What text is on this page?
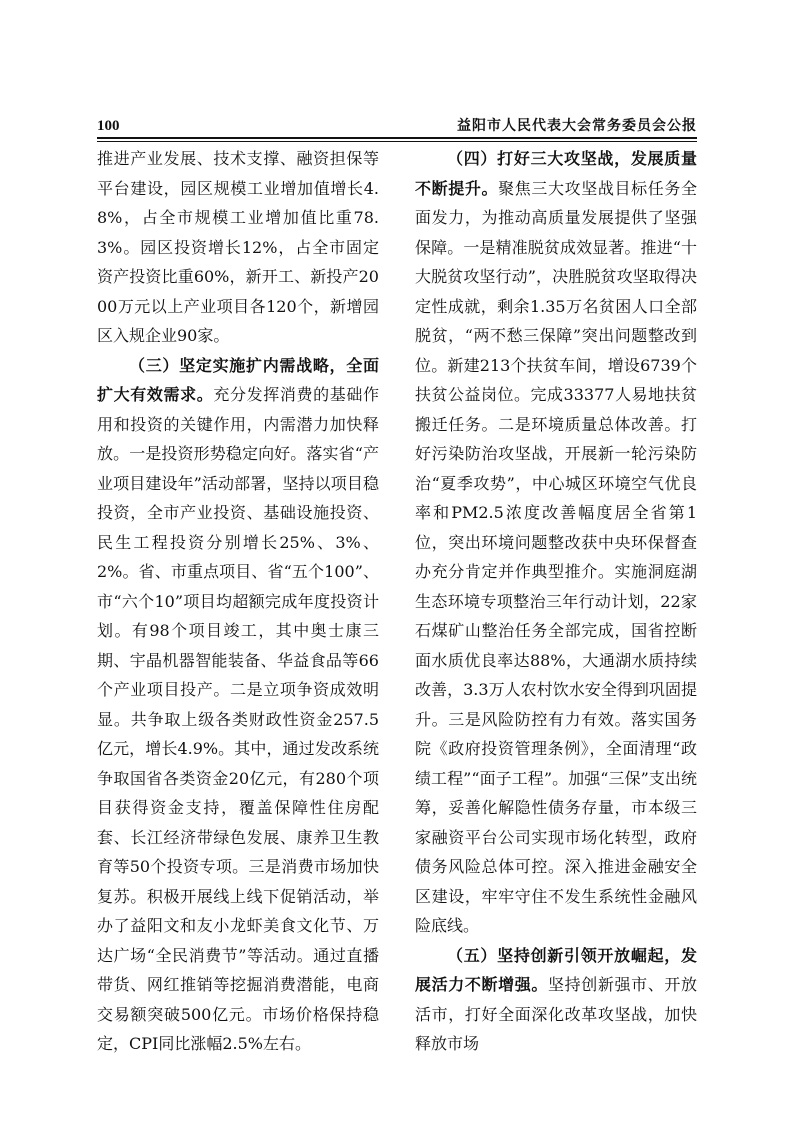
100	益阳市人民代表大会常务委员会公报

推进产业发展、技术支撑、融资担保等平台建设，园区规模工业增加值增长4.8%，占全市规模工业增加值比重78.3%。园区投资增长12%，占全市固定资产投资比重60%，新开工、新投产2000万元以上产业项目各120个，新增园区入规企业90家。

（三）坚定实施扩内需战略，全面扩大有效需求。充分发挥消费的基础作用和投资的关键作用，内需潜力加快释放。一是投资形势稳定向好。落实省“产业项目建设年”活动部署，坚持以项目稳投资，全市产业投资、基础设施投资、民生工程投资分别增长25%、3%、2%。省、市重点项目、省“五个100”、市“六个10”项目均超额完成年度投资计划。有98个项目竣工，其中奥士康三期、宇晶机器智能装备、华益食品等66个产业项目投产。二是立项争资成效明显。共争取上级各类财政性资金257.5亿元，增长4.9%。其中，通过发改系统争取国省各类资金20亿元，有280个项目获得资金支持，覆盖保障性住房配套、长江经济带绿色发展、康养卫生教育等50个投资专项。三是消费市场加快复苏。积极开展线上线下促销活动，举办了益阳文和友小龙虾美食文化节、万达广场“全民消费节”等活动。通过直播带货、网红推销等挖掘消费潜能，电商交易额突破500亿元。市场价格保持稳定，CPI同比涨幅2.5%左右。

（四）打好三大攻坚战，发展质量不断提升。聚焦三大攻坚战目标任务全面发力，为推动高质量发展提供了坚强保障。一是精准脱贫成效显著。推进“十大脱贫攻坚行动”，决胜脱贫攻坚取得决定性成就，剩余1.35万名贫困人口全部脱贫，“两不愁三保障”突出问题整改到位。新建213个扶贫车间，增设6739个扶贫公益岗位。完成33377人易地扶贫搬迁任务。二是环境质量总体改善。打好污染防治攻坚战，开展新一轮污染防治“夏季攻势”，中心城区环境空气优良率和PM2.5浓度改善幅度居全省第1位，突出环境问题整改获中央环保督查办充分肯定并作典型推介。实施洞庭湖生态环境专项整治三年行动计划，22家石煤矿山整治任务全部完成，国省控断面水质优良率达88%，大通湖水质持续改善，3.3万人农村饮水安全得到巩固提升。三是风险防控有力有效。落实国务院《政府投资管理条例》，全面清理“政绩工程”“面子工程”。加强“三保”支出统筹，妥善化解隐性债务存量，市本级三家融资平台公司实现市场化转型，政府债务风险总体可控。深入推进金融安全区建设，牢牢守住不发生系统性金融风险底线。

（五）坚持创新引领开放崛起，发展活力不断增强。坚持创新强市、开放活市，打好全面深化改革攻坚战，加快释放市场
